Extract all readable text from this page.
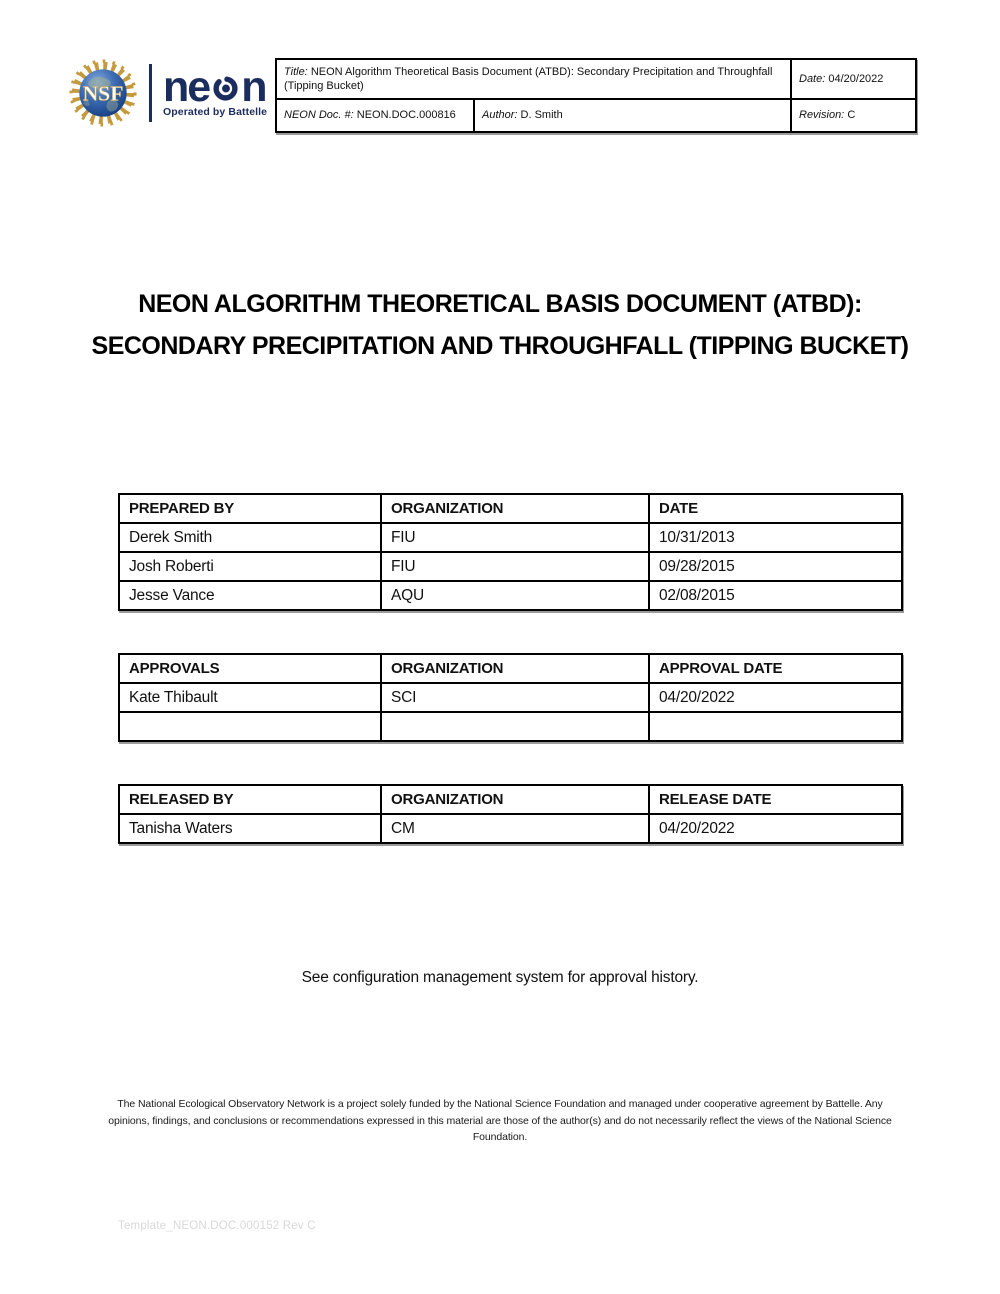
NSF ne n
Operated by Battelle
Title: NEON Algorithm Theoretical Basis Document (ATBD): Secondary Precipitation and Throughfall (Tipping Bucket)		Date: 04/20/2022
NEON Doc. #: NEON.DOC.000816	Author: D. Smith	Revision: C
NEON ALGORITHM THEORETICAL BASIS DOCUMENT (ATBD): SECONDARY PRECIPITATION AND THROUGHFALL (TIPPING BUCKET)
PREPARED BY	ORGANIZATION	DATE
Derek Smith	FIU	10/31/2013
Josh Roberti	FIU	09/28/2015
Jesse Vance	AQU	02/08/2015
APPROVALS	ORGANIZATION	APPROVAL DATE
Kate Thibault	SCI	04/20/2022

RELEASED BY	ORGANIZATION	RELEASE DATE
Tanisha Waters	CM	04/20/2022

See configuration management system for approval history.

The National Ecological Observatory Network is a project solely funded by the National Science Foundation and managed under cooperative agreement by Battelle. Any opinions, findings, and conclusions or recommendations expressed in this material are those of the author(s) and do not necessarily reflect the views of the National Science Foundation.

Template_NEON.DOC.000152 Rev C
